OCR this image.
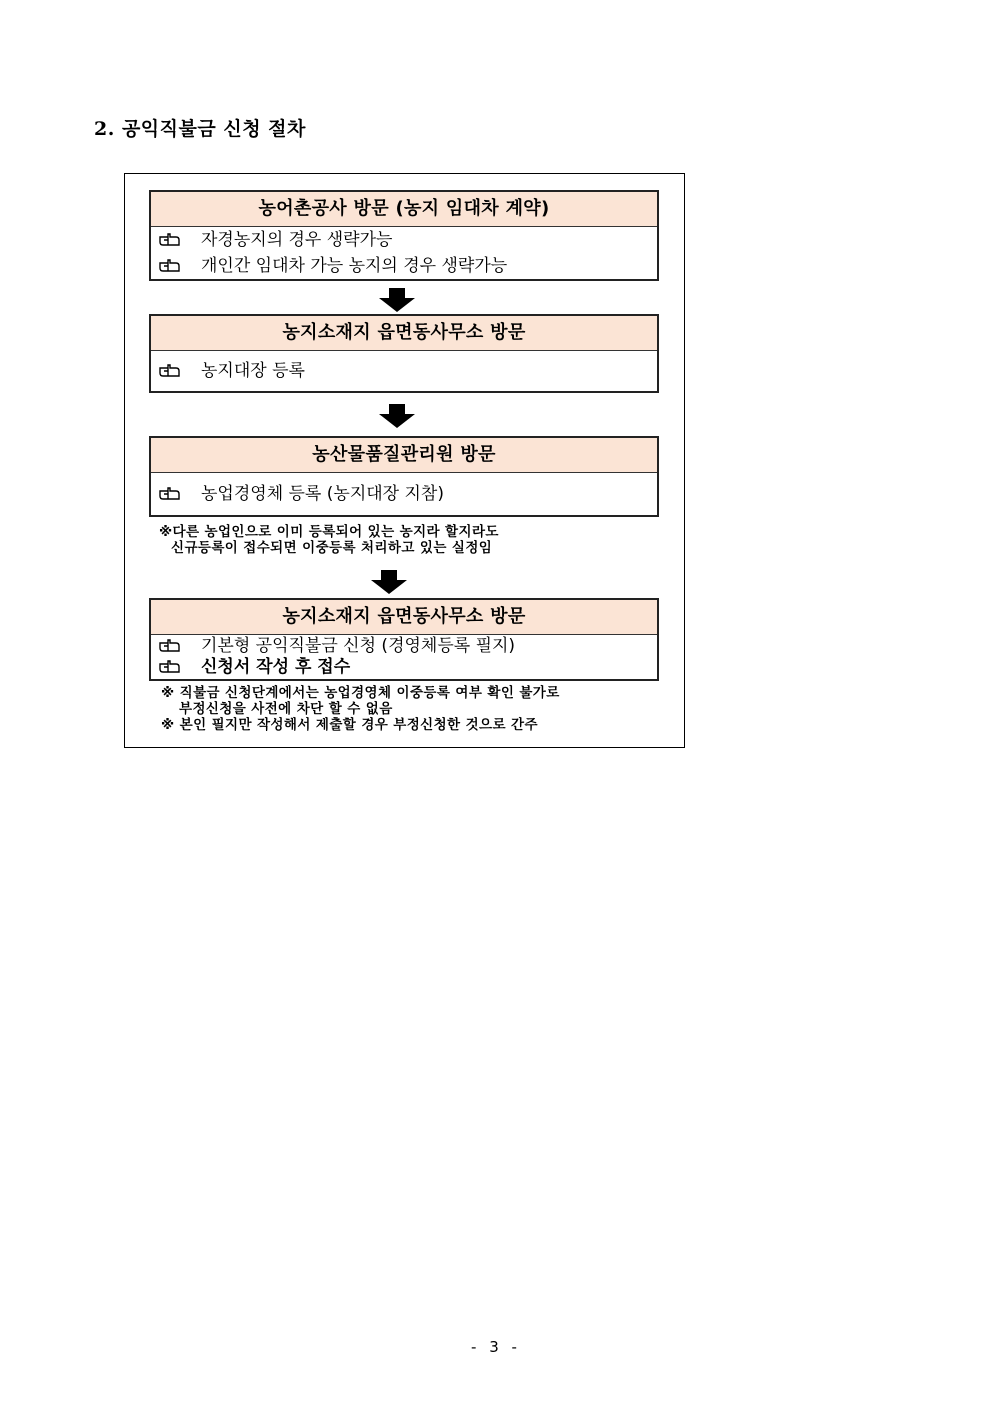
2. 공익직불금 신청 절차
농어촌공사 방문 (농지 임대차 계약)
자경농지의 경우 생략가능
개인간 임대차 가능 농지의 경우 생략가능
농지소재지 읍면동사무소 방문
농지대장 등록
농산물품질관리원 방문
농업경영체 등록 (농지대장 지참)
※다른 농업인으로 이미 등록되어 있는 농지라 할지라도
신규등록이 접수되면 이중등록 처리하고 있는 실정임
농지소재지 읍면동사무소 방문
기본형 공익직불금 신청 (경영체등록 필지)
신청서 작성 후 접수
※ 직불금 신청단계에서는 농업경영체 이중등록 여부 확인 불가로
부정신청을 사전에 차단 할 수 없음
※ 본인 필지만 작성해서 제출할 경우 부정신청한 것으로 간주
- 3 -
